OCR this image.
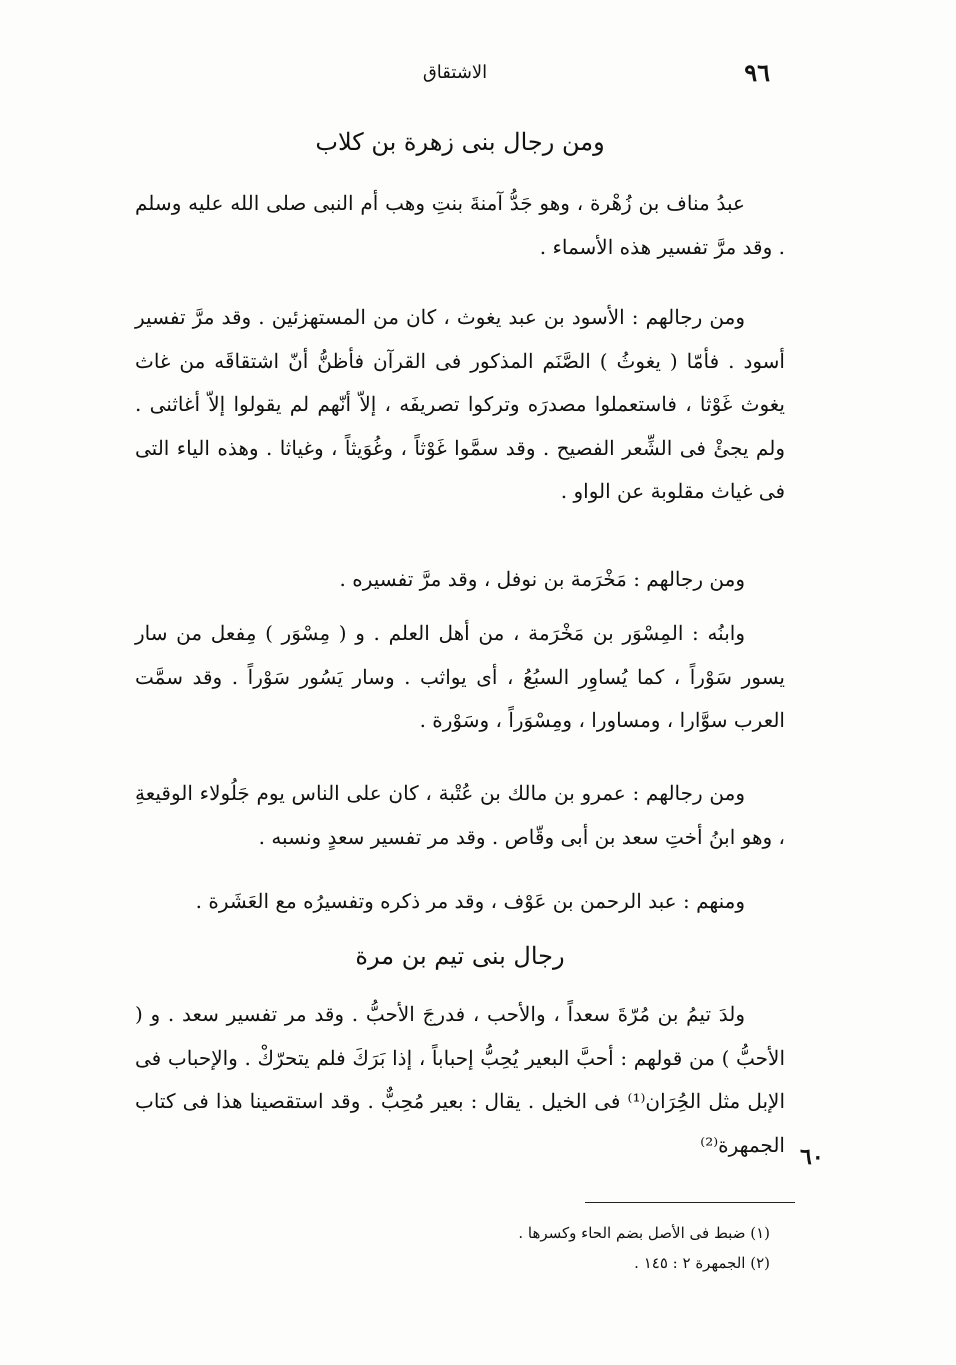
٩٦
الاشتقاق
ومن رجال بنى زهرة بن كلاب

عبدُ مناف بن زُهْرة ، وهو جَدُّ آمنةَ بنتِ وهب أم النبى صلى الله عليه وسلم . وقد مرَّ تفسير هذه الأسماء .

ومن رجالهم : الأسود بن عبد يغوث ، كان من المستهزئين . وقد مرَّ تفسير أسود . فأمّا ( يغوثُ ) الصَّنَم المذكور فى القرآن فأظنُّ أنّ اشتقاقَه من غاث يغوث غَوْثا ، فاستعملوا مصدرَه وتركوا تصريفَه ، إلاّ أنّهم لم يقولوا إلاّ أغاثنى . ولم يجئْ فى الشِّعر الفصيح . وقد سمَّوا غَوْثاً ، وغُوَيثاً ، وغياثا . وهذه الياء التى فى غياث مقلوبة عن الواو .

ومن رجالهم : مَخْرَمة بن نوفل ، وقد مرَّ تفسيره .

وابنُه : المِسْوَر بن مَخْرَمة ، من أهل العلم . و ( مِسْوَر ) مِفعل من سار يسور سَوْراً ، كما يُساوِر السبُعُ ، أى يواثب . وسار يَسُور سَوْراً . وقد سمَّت العرب سوَّارا ، ومساورا ، ومِسْوَراً ، وسَوْرة .

ومن رجالهم : عمرو بن مالك بن عُتْبة ، كان على الناس يوم جَلُولاء الوقيعةِ ، وهو ابنُ أختِ سعد بن أبى وقّاص . وقد مر تفسير سعدٍ ونسبه .

ومنهم : عبد الرحمن بن عَوْف ، وقد مر ذكره وتفسيرُه مع العَشَرة .

رجال بنى تيم بن مرة

ولدَ تيمُ بن مُرّةَ سعداً ، والأحب ، فدرجَ الأحبُّ . وقد مر تفسير سعد . و ( الأحبُّ ) من قولهم : أحبَّ البعير يُحِبُّ إحباباً ، إذا بَرَكَ فلم يتحرّكْ . والإحباب فى الإبل مثل الحُِرَان⁽¹⁾ فى الخيل . يقال : بعير مُحِبٌّ . وقد استقصينا هذا فى كتاب الجمهرة⁽²⁾ ٦٠

(١) ضبط فى الأصل بضم الحاء وكسرها .

(٢) الجمهرة ٢ : ١٤٥ .
